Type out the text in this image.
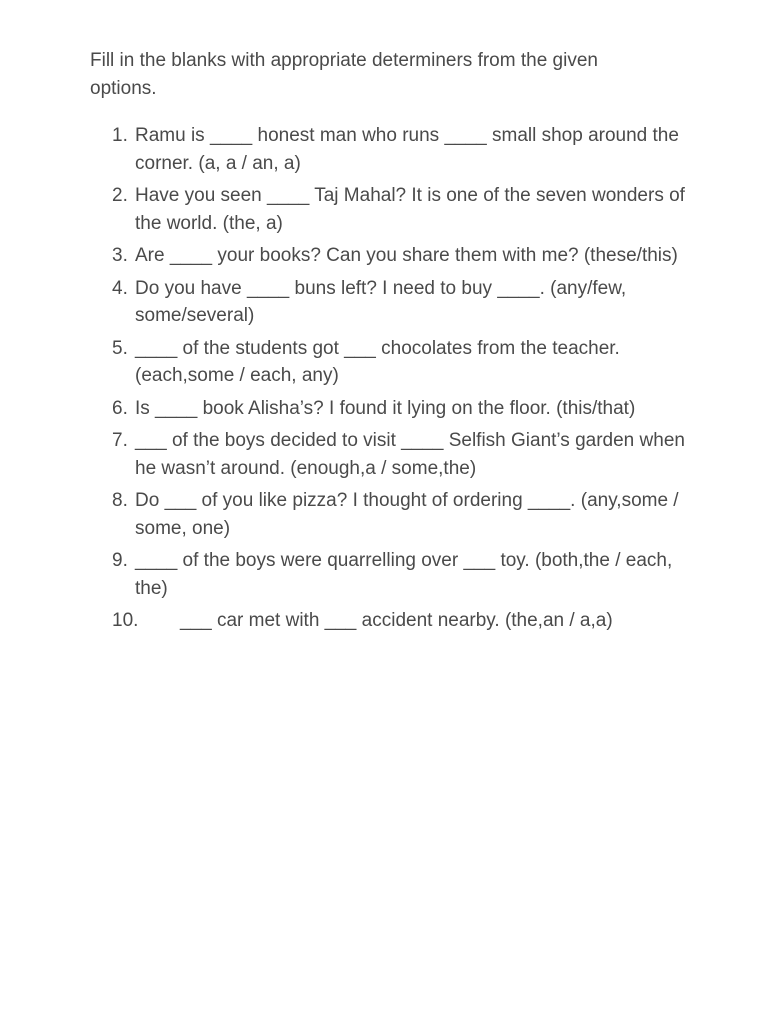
Fill in the blanks with appropriate determiners from the given options.

1. Ramu is ____ honest man who runs ____ small shop around the corner. (a, a / an, a)
2. Have you seen ____ Taj Mahal? It is one of the seven wonders of the world. (the, a)
3. Are ____ your books? Can you share them with me? (these/this)
4. Do you have ____ buns left? I need to buy ____. (any/few, some/several)
5. ____ of the students got ___ chocolates from the teacher. (each,some / each, any)
6. Is ____ book Alisha’s? I found it lying on the floor. (this/that)
7. ___ of the boys decided to visit ____ Selfish Giant’s garden when he wasn’t around. (enough,a / some,the)
8. Do ___ of you like pizza? I thought of ordering ____. (any,some / some, one)
9. ____ of the boys were quarrelling over ___ toy. (both,the / each, the)
10. ___ car met with ___ accident nearby. (the,an / a,a)
